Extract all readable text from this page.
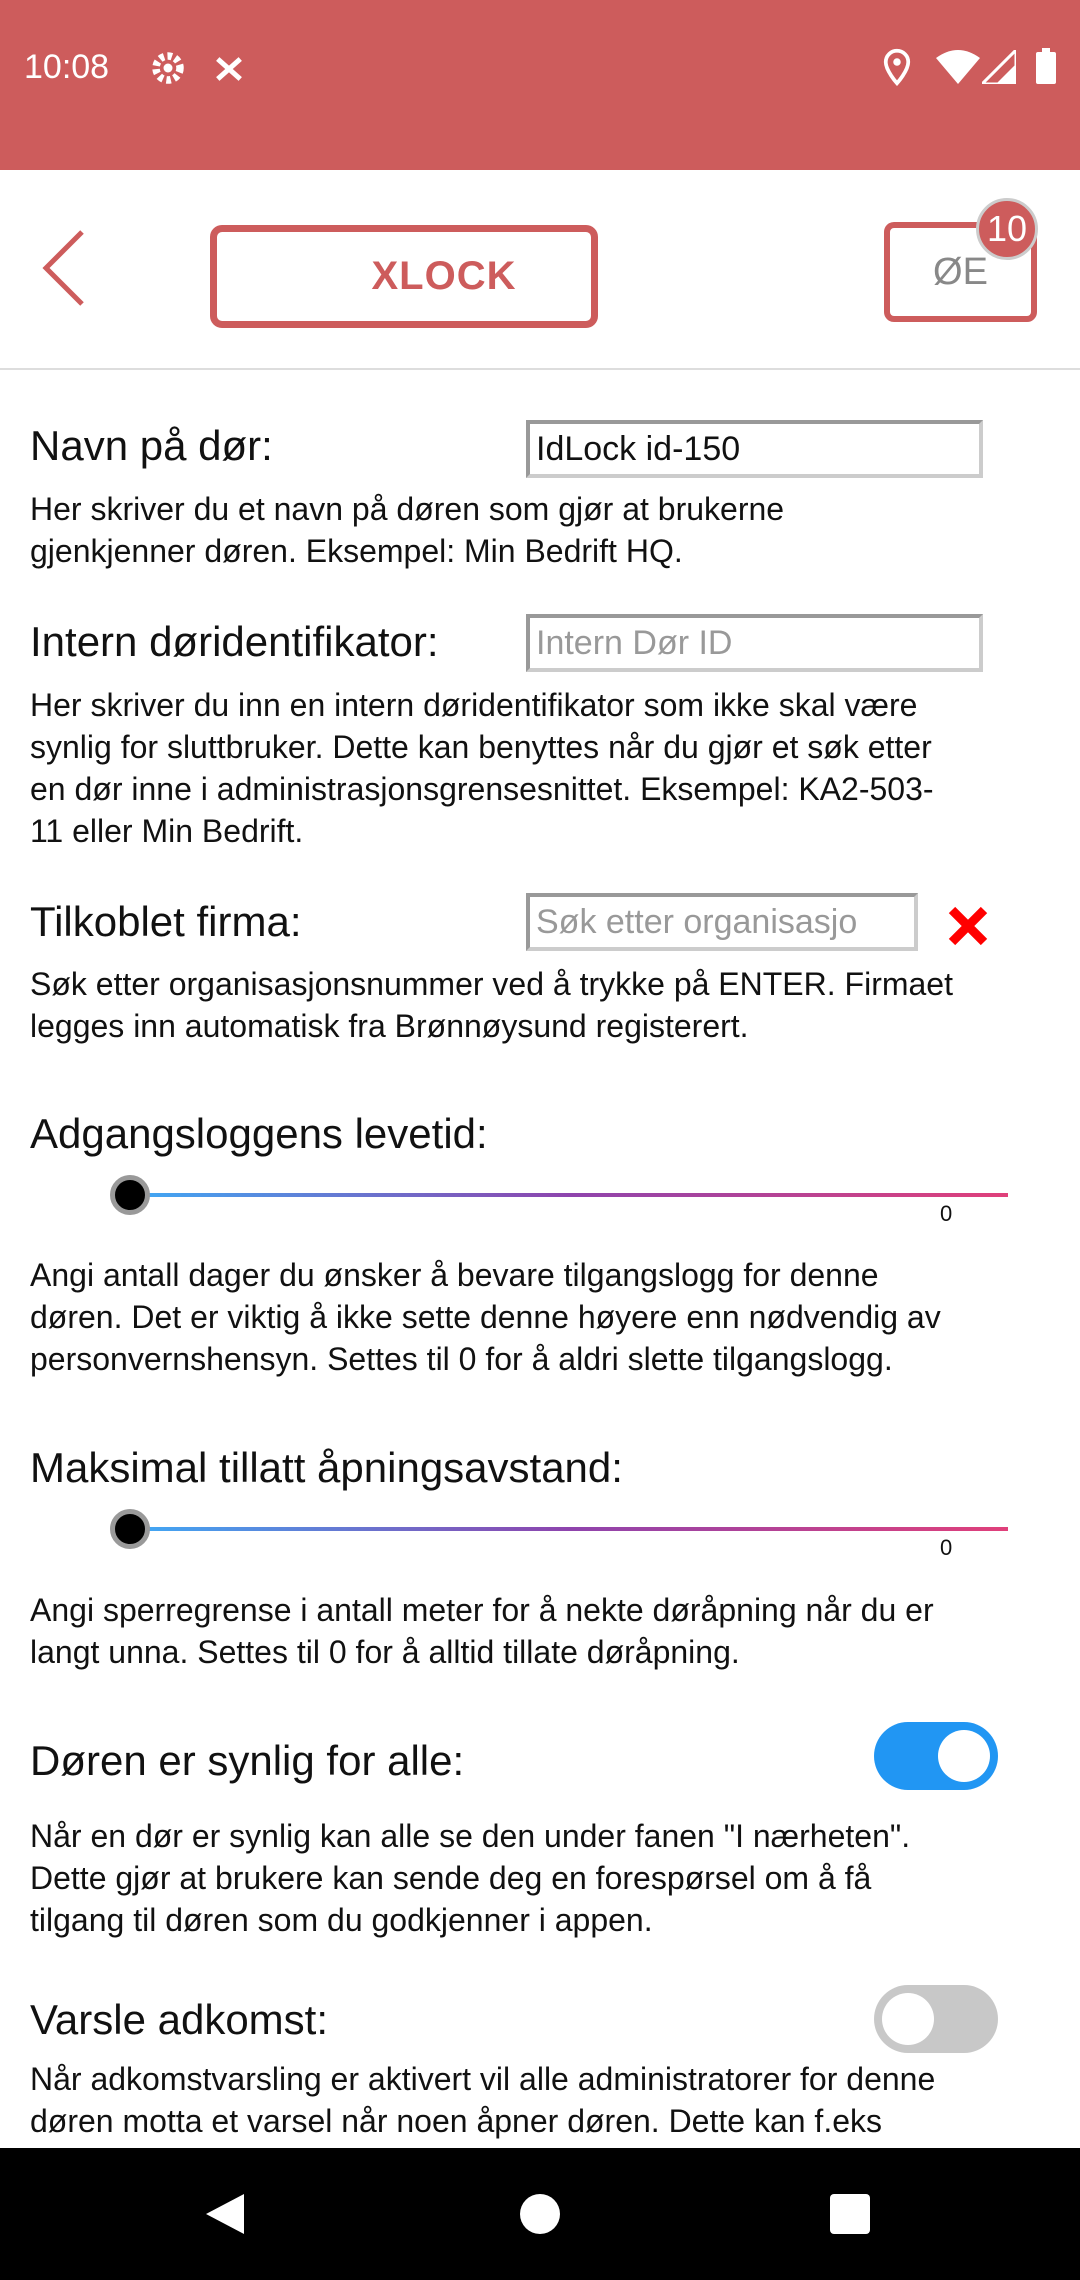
10:08
XLOCK	ØE
10
Navn på dør:
IdLock id-150
Her skriver du et navn på døren som gjør at brukerne
gjenkjenner døren. Eksempel: Min Bedrift HQ.
Intern døridentifikator:
Intern Dør ID
Her skriver du inn en intern døridentifikator som ikke skal være
synlig for sluttbruker. Dette kan benyttes når du gjør et søk etter
en dør inne i administrasjonsgrensesnittet. Eksempel: KA2-503-
11 eller Min Bedrift.
Tilkoblet firma:
Søk etter organisasjo
Søk etter organisasjonsnummer ved å trykke på ENTER. Firmaet
legges inn automatisk fra Brønnøysund registerert.
Adgangsloggens levetid:
0
Angi antall dager du ønsker å bevare tilgangslogg for denne
døren. Det er viktig å ikke sette denne høyere enn nødvendig av
personvernshensyn. Settes til 0 for å aldri slette tilgangslogg.
Maksimal tillatt åpningsavstand:
0
Angi sperregrense i antall meter for å nekte døråpning når du er
langt unna. Settes til 0 for å alltid tillate døråpning.
Døren er synlig for alle:
Når en dør er synlig kan alle se den under fanen "I nærheten".
Dette gjør at brukere kan sende deg en forespørsel om å få
tilgang til døren som du godkjenner i appen.
Varsle adkomst:
Når adkomstvarsling er aktivert vil alle administratorer for denne
døren motta et varsel når noen åpner døren. Dette kan f.eks
